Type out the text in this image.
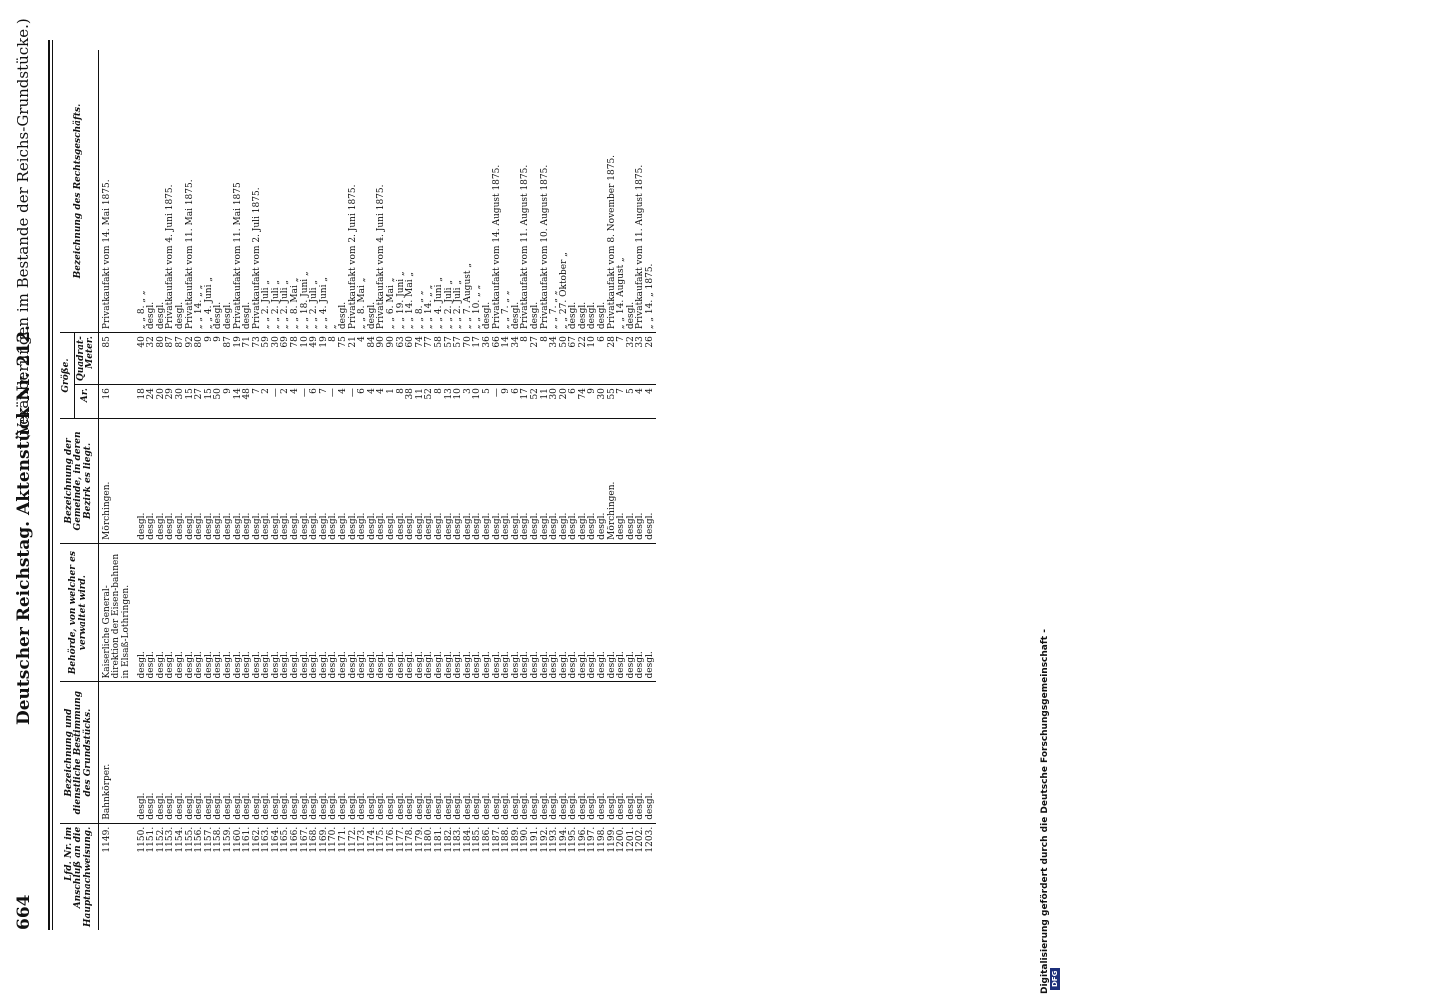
664
Deutscher Reichstag. Aktenstück Nr. 212.
(Veränderungen im Bestande der Reichs-Grundstücke.)
Lfd. Nr. im Anschluß an die Hauptnachweisung.	Bezeichnung und dienstliche Bestimmung des Grundstücks.	Behörde, von welcher es verwaltet wird.	Bezeichnung der Gemeinde, in deren Bezirk es liegt.	Größe.		Bezeichnung des Rechtsgeschäfts.
				Ar.	Quadrat-Meter.	
1149.	Bahnkörper.	Kaiserliche General-direktion der Eisen-bahnen in Elsaß-Lothringen.	Mörchingen.	16	85	Privatkaufakt vom 14. Mai 1875.
1150.	desgl.	desgl.	desgl.	18	40	„ „ 8. „ „
1151.	desgl.	desgl.	desgl.	24	32	desgl.
1152.	desgl.	desgl.	desgl.	20	80	desgl.
1153.	desgl.	desgl.	desgl.	29	87	Privatkaufakt vom 4. Juni 1875.
1154.	desgl.	desgl.	desgl.	30	87	desgl.
1155.	desgl.	desgl.	desgl.	15	92	Privatkaufakt vom 11. Mai 1875.
1156.	desgl.	desgl.	desgl.	27	80	„ „ 14. „ „
1157.	desgl.	desgl.	desgl.	15	9	„ „ 4. Juni „
1158.	desgl.	desgl.	desgl.	50	9	desgl.
1159.	desgl.	desgl.	desgl.	9	87	desgl.
1160.	desgl.	desgl.	desgl.	14	19	Privatkaufakt vom 11. Mai 1875
1161.	desgl.	desgl.	desgl.	48	71	desgl.
1162.	desgl.	desgl.	desgl.	7	73	Privatkaufakt vom 2. Juli 1875.
1163.	desgl.	desgl.	desgl.	2	59	„ „ 2. Juli „
1164.	desgl.	desgl.	desgl.	—	30	„ „ 2. Juli „
1165.	desgl.	desgl.	desgl.	2	69	„ „ 2. Juli „
1166.	desgl.	desgl.	desgl.	4	78	„ „ 8. Mai „
1167.	desgl.	desgl.	desgl.	—	10	„ „ 18. Juni „
1168.	desgl.	desgl.	desgl.	6	49	„ „ 2. Juli „
1169.	desgl.	desgl.	desgl.	7	19	„ „ 4. Juni „
1170.	desgl.	desgl.	desgl.	—	8	„
1171.	desgl.	desgl.	desgl.	4	75	desgl.
1172.	desgl.	desgl.	desgl.	—	21	Privatkaufakt vom 2. Juni 1875.
1173.	desgl.	desgl.	desgl.	6	4	„ „ 8. Mai „
1174.	desgl.	desgl.	desgl.	4	84	desgl.
1175.	desgl.	desgl.	desgl.	4	90	Privatkaufakt vom 4. Juni 1875.
1176.	desgl.	desgl.	desgl.	1	90	„ „ 6. Mai „
1177.	desgl.	desgl.	desgl.	8	63	„ „ 19. Juni „
1178.	desgl.	desgl.	desgl.	38	60	„ „ 14. Mai „
1179.	desgl.	desgl.	desgl.	11	74	„ „ 8. „ „
1180.	desgl.	desgl.	desgl.	52	77	„ „ 14. „ „
1181.	desgl.	desgl.	desgl.	8	58	„ „ 4. Juni „
1182.	desgl.	desgl.	desgl.	13	57	„ „ 2. Juli „
1183.	desgl.	desgl.	desgl.	10	57	„ „ 2. Juli „
1184.	desgl.	desgl.	desgl.	3	70	„ „ 7. August „
1185.	desgl.	desgl.	desgl.	10	17	„ „ 10. „ „
1186.	desgl.	desgl.	desgl.	5	36	desgl.
1187.	desgl.	desgl.	desgl.	—	66	Privatkaufakt vom 14. August 1875.
1188.	desgl.	desgl.	desgl.	9	14	„ „ 7. „ „
1189.	desgl.	desgl.	desgl.	6	34	desgl.
1190.	desgl.	desgl.	desgl.	17	8	Privatkaufakt vom 11. August 1875.
1191.	desgl.	desgl.	desgl.	52	27	desgl.
1192.	desgl.	desgl.	desgl.	11	8	Privatkaufakt vom 10. August 1875.
1193.	desgl.	desgl.	desgl.	30	34	„ „ 7. „ „
1194.	desgl.	desgl.	desgl.	20	50	„ „ 27. Oktober „
1195.	desgl.	desgl.	desgl.	6	67	desgl.
1196.	desgl.	desgl.	desgl.	74	22	desgl.
1197.	desgl.	desgl.	desgl.	9	10	desgl.
1198.	desgl.	desgl.	desgl.	30	6	desgl.
1199.	desgl.	desgl.	Mörchingen.	55	28	Privatkaufakt vom 8. November 1875.
1200.	desgl.	desgl.	desgl.	7	7	„ „ 14. August „
1201.	desgl.	desgl.	desgl.	5	32	desgl.
1202.	desgl.	desgl.	desgl.	4	33	Privatkaufakt vom 11. August 1875.
1203.	desgl.	desgl.	desgl.	4	26	„ „ 14. „ 1875.
Digitalisierung gefördert durch die Deutsche Forschungsgemeinschaft - DFG
